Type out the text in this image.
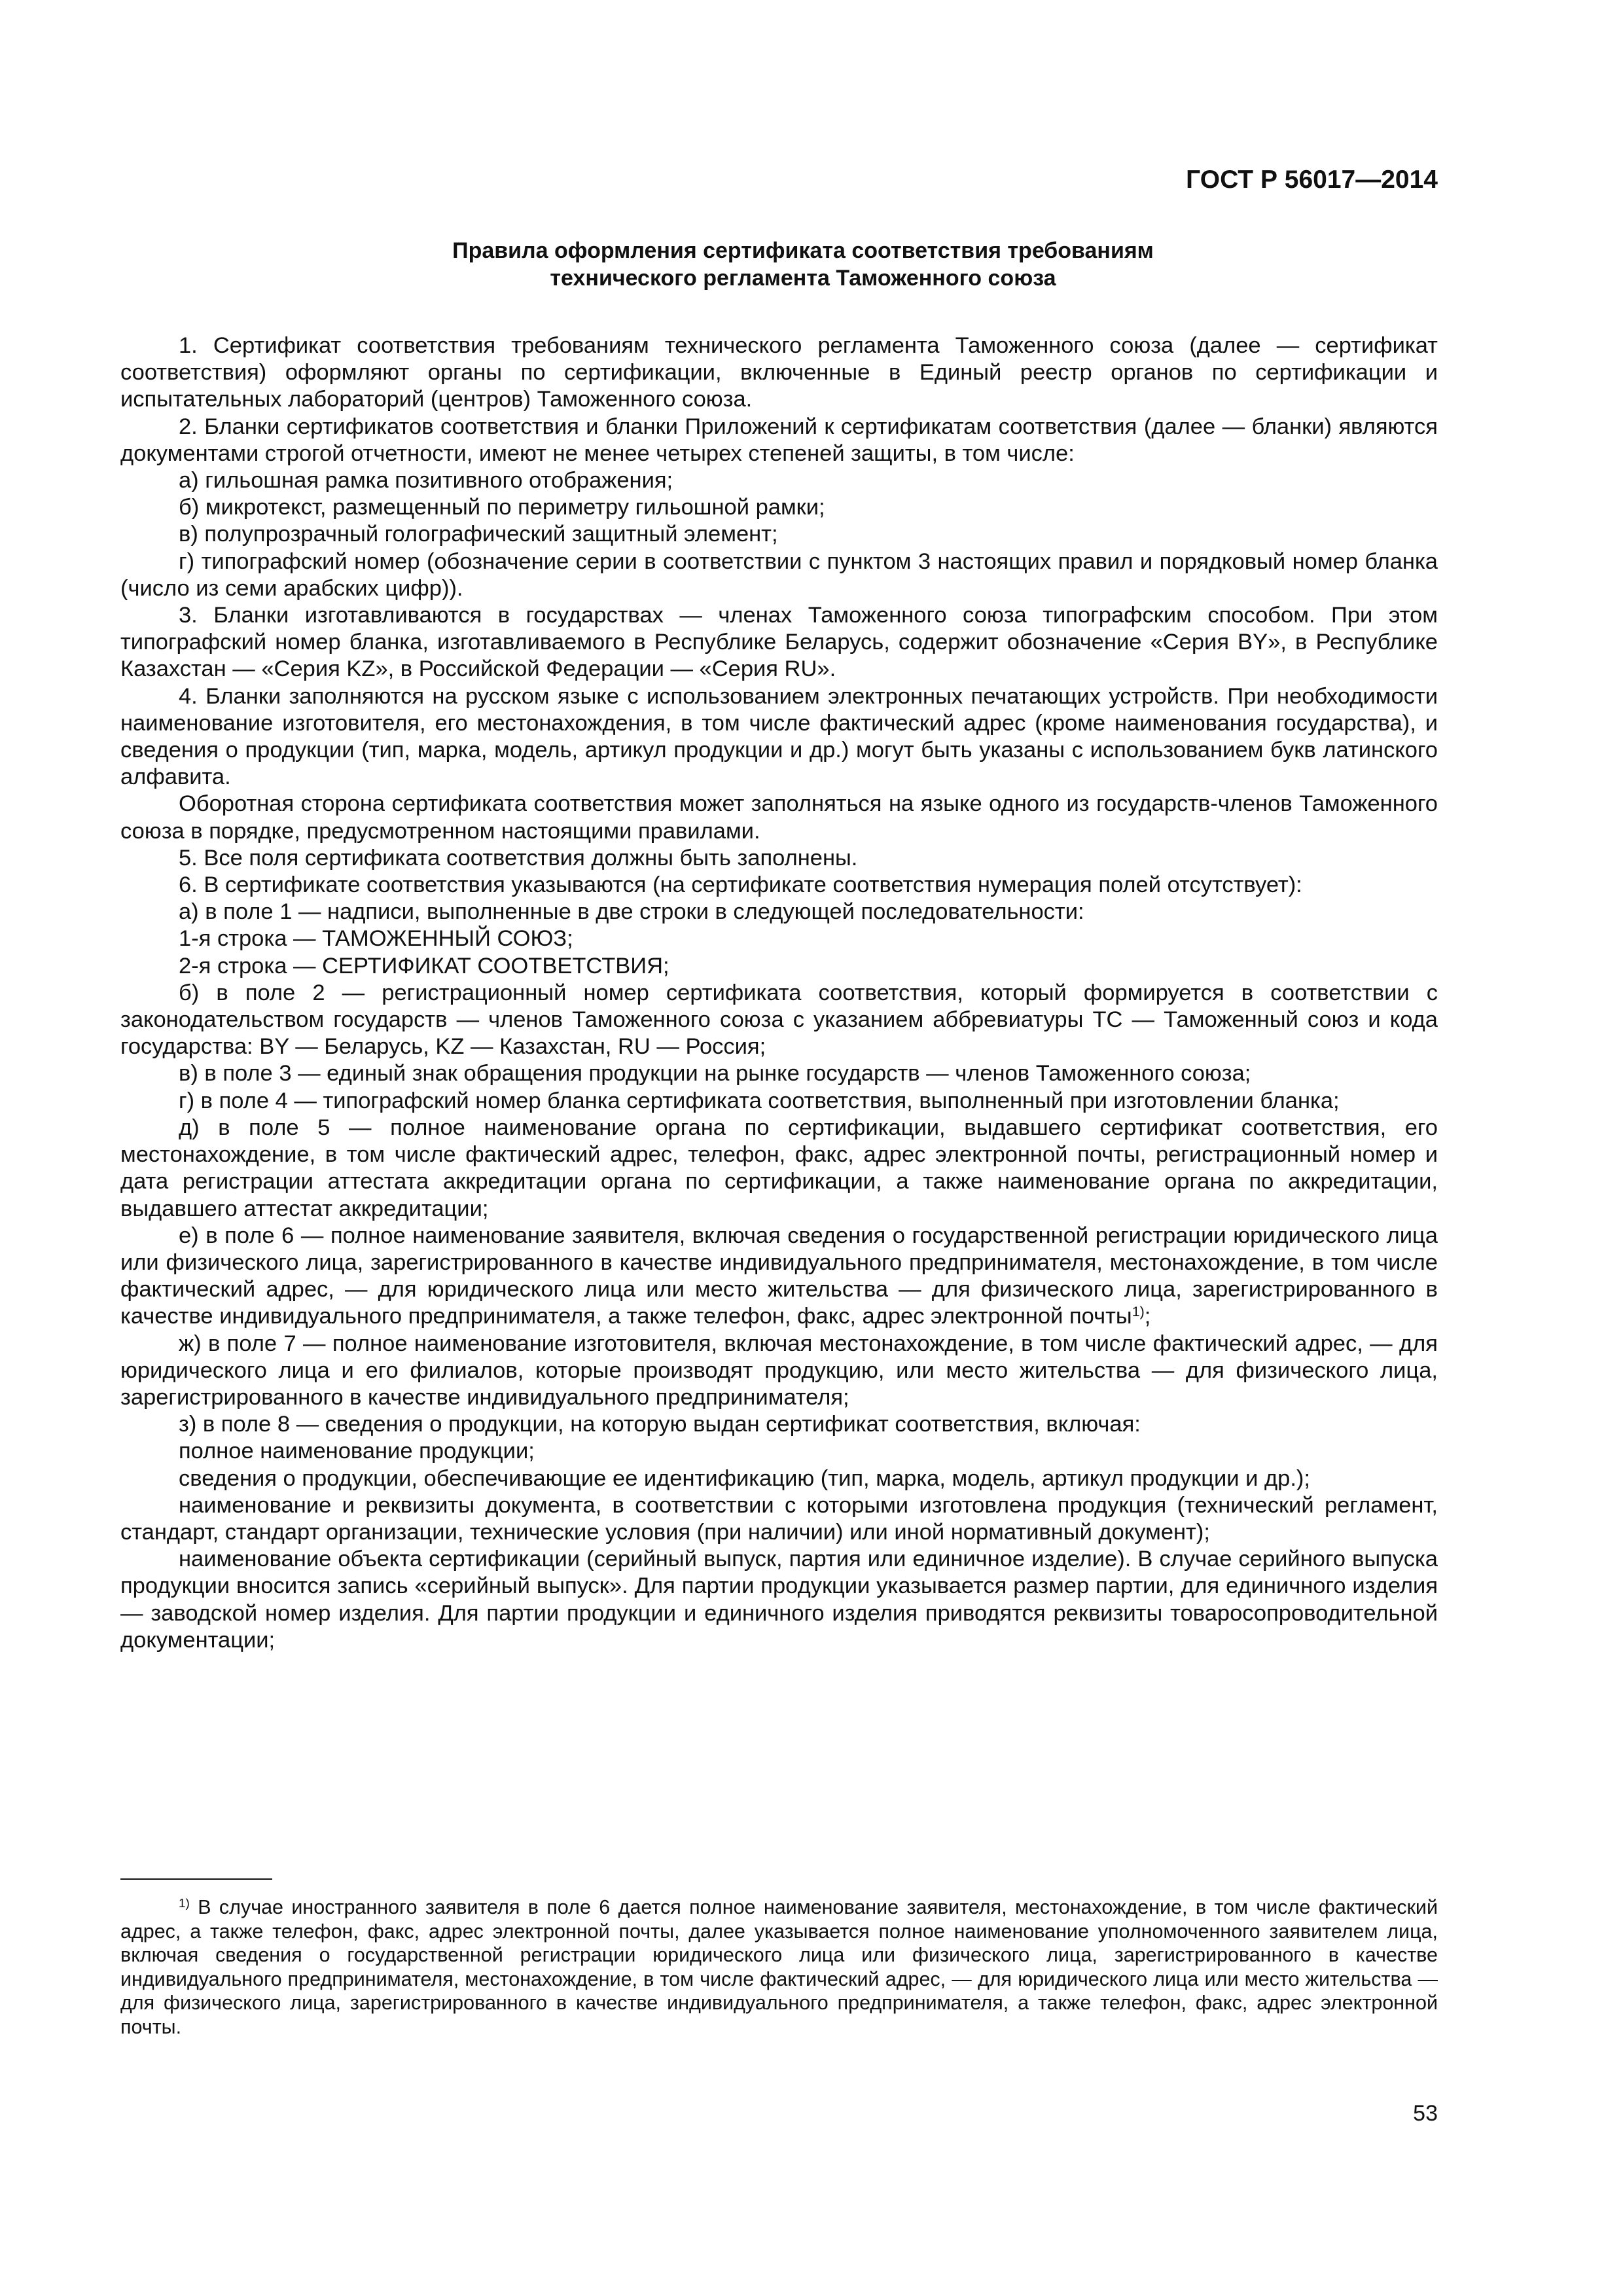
ГОСТ Р 56017—2014
Правила оформления сертификата соответствия требованиям
технического регламента Таможенного союза

1. Сертификат соответствия требованиям технического регламента Таможенного союза (далее — сертификат соответствия) оформляют органы по сертификации, включенные в Единый реестр органов по сертификации и испытательных лабораторий (центров) Таможенного союза.

2. Бланки сертификатов соответствия и бланки Приложений к сертификатам соответствия (далее — бланки) являются документами строгой отчетности, имеют не менее четырех степеней защиты, в том числе:

а) гильошная рамка позитивного отображения;

б) микротекст, размещенный по периметру гильошной рамки;

в) полупрозрачный голографический защитный элемент;

г) типографский номер (обозначение серии в соответствии с пунктом 3 настоящих правил и порядковый номер бланка (число из семи арабских цифр)).

3. Бланки изготавливаются в государствах — членах Таможенного союза типографским способом. При этом типографский номер бланка, изготавливаемого в Республике Беларусь, содержит обозначение «Серия BY», в Республике Казахстан — «Серия KZ», в Российской Федерации — «Серия RU».

4. Бланки заполняются на русском языке с использованием электронных печатающих устройств. При необходимости наименование изготовителя, его местонахождения, в том числе фактический адрес (кроме наименования государства), и сведения о продукции (тип, марка, модель, артикул продукции и др.) могут быть указаны с использованием букв латинского алфавита.

Оборотная сторона сертификата соответствия может заполняться на языке одного из государств-членов Таможенного союза в порядке, предусмотренном настоящими правилами.

5. Все поля сертификата соответствия должны быть заполнены.

6. В сертификате соответствия указываются (на сертификате соответствия нумерация полей отсутствует):

а) в поле 1 — надписи, выполненные в две строки в следующей последовательности:

1-я строка — ТАМОЖЕННЫЙ СОЮЗ;

2-я строка — СЕРТИФИКАТ СООТВЕТСТВИЯ;

б) в поле 2 — регистрационный номер сертификата соответствия, который формируется в соответствии с законодательством государств — членов Таможенного союза с указанием аббревиатуры ТС — Таможенный союз и кода государства: BY — Беларусь, KZ — Казахстан, RU — Россия;

в) в поле 3 — единый знак обращения продукции на рынке государств — членов Таможенного союза;

г) в поле 4 — типографский номер бланка сертификата соответствия, выполненный при изготовлении бланка;

д) в поле 5 — полное наименование органа по сертификации, выдавшего сертификат соответствия, его местонахождение, в том числе фактический адрес, телефон, факс, адрес электронной почты, регистрационный номер и дата регистрации аттестата аккредитации органа по сертификации, а также наименование органа по аккредитации, выдавшего аттестат аккредитации;

е) в поле 6 — полное наименование заявителя, включая сведения о государственной регистрации юридического лица или физического лица, зарегистрированного в качестве индивидуального предпринимателя, местонахождение, в том числе фактический адрес, — для юридического лица или место жительства — для физического лица, зарегистрированного в качестве индивидуального предпринимателя, а также телефон, факс, адрес электронной почты$^{1)}$;

ж) в поле 7 — полное наименование изготовителя, включая местонахождение, в том числе фактический адрес, — для юридического лица и его филиалов, которые производят продукцию, или место жительства — для физического лица, зарегистрированного в качестве индивидуального предпринимателя;

з) в поле 8 — сведения о продукции, на которую выдан сертификат соответствия, включая:

полное наименование продукции;

сведения о продукции, обеспечивающие ее идентификацию (тип, марка, модель, артикул продукции и др.);

наименование и реквизиты документа, в соответствии с которыми изготовлена продукция (технический регламент, стандарт, стандарт организации, технические условия (при наличии) или иной нормативный документ);

наименование объекта сертификации (серийный выпуск, партия или единичное изделие). В случае серийного выпуска продукции вносится запись «серийный выпуск». Для партии продукции указывается размер партии, для единичного изделия — заводской номер изделия. Для партии продукции и единичного изделия приводятся реквизиты товаросопроводительной документации;

$^{1)}$ В случае иностранного заявителя в поле 6 дается полное наименование заявителя, местонахождение, в том числе фактический адрес, а также телефон, факс, адрес электронной почты, далее указывается полное наименование уполномоченного заявителем лица, включая сведения о государственной регистрации юридического лица или физического лица, зарегистрированного в качестве индивидуального предпринимателя, местонахождение, в том числе фактический адрес, — для юридического лица или место жительства — для физического лица, зарегистрированного в качестве индивидуального предпринимателя, а также телефон, факс, адрес электронной почты.

53
